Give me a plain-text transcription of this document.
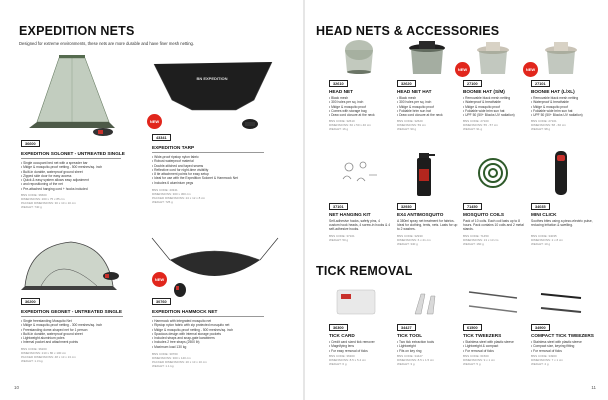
EXPEDITION NETS
Designed for extreme environments, these nets are more durable and have finer mesh netting.
36600
EXPEDITION SOLONET - UNTREATED SINGLE
• Single occupant bed net with a spreader bar
• Midge & mosquito-proof netting - 500 meshes/sq. inch
• Built-in durable, waterproof ground sheet
• Zipped side door for easy access
• Quick & easy system allows easy adjustment
• and repositioning of the net
• Pre-attached hanging cord + hooks included
BNS CODE: 36600
DIMENSIONS: 200 x 75 x 85 cm
PACKED DIMENSIONS: 30 x 10 x 10 cm
WEIGHT: 740 g
BN EXPEDITION
NEW
43341
EXPEDITION TARP
• Wide-proof ripstop nylon fabric
• Robust waterproof material
• Double-stitched and taped seams
• Reflective cord for night-time visibility
• 8 tie attachment points for easy setup
• Ideal for use with the Expedition Solonet & Hammock Net
• Includes 6 aluminium pegs
BNS CODE: 43341
DIMENSIONS: 300 x 300 cm
PACKED DIMENSIONS: 24 x 12 x 8 cm
WEIGHT: 725 g
36200
EXPEDITION GEONET - UNTREATED SINGLE
• Single freestanding Mosquito Net
• Midge & mosquito-proof netting - 300 meshes/sq. inch
• Freestanding dome-shaped net for 1 person
• Built-in durable, waterproof ground sheet
• Lightweight aluminium poles
• Internal pocket and attachment points
BNS CODE: 36200
DIMENSIONS: 210 x 80 x 100 cm
PACKED DIMENSIONS: 48 x 13 x 13 cm
WEIGHT: 1.3 kg
NEW
30760
EXPEDITION HAMMOCK NET
• Hammock with integrated mosquito net
• Ripstop nylon fabric with zip protected mosquito net
• Midge & mosquito-proof netting - 500 meshes/sq. inch
• Spacious design with internal storage pockets
• Included straps and snap-gate karabiners
• Includes 2 tree straps (2500 lb)
• Maximum load 130 kg
BNS CODE: 30760
DIMENSIONS: 300 x 140 cm
PACKED DIMENSIONS: 20 x 13 x 10 cm
WEIGHT: 1.1 kg
10
HEAD NETS & ACCESSORIES
32610
HEAD NET
• Black mesh
• 300 holes per sq. inch
• Midge & mosquito proof
• Comes with storage bag
• Draw cord closure at the neck
BNS CODE: 32610
DIMENSIONS: 60 x 50 x 40 cm
WEIGHT: 16 g
32620
HEAD NET HAT
• Black mesh
• 300 holes per sq. inch
• Midge & mosquito proof
• Foldable brim sun hat
• Draw cord closure at the neck
BNS CODE: 32620
DIMENSIONS: 59 cm
WEIGHT: 90 g
NEW
27100
BOONIE HAT (S/M)
• Removable black mesh netting
• Waterproof & breathable
• Midge & mosquito proof
• Foldable wide brim sun hat
• UPF 50 (50+ Blocks UV radiation)
BNS CODE: 27100
DIMENSIONS: 55 - 57 cm
WEIGHT: 91 g
NEW
27101
BOONIE HAT (L/XL)
• Removable black mesh netting
• Waterproof & breathable
• Midge & mosquito proof
• Foldable wide brim sun hat
• UPF 50 (50+ Blocks UV radiation)
BNS CODE: 27101
DIMENSIONS: 58 - 60 cm
WEIGHT: 98 g
37101
NET HANGING KIT
Self-adhesive hooks, safety pins, 4 custom hook heads, 4 screw-in hooks & 4 self-adhesive hooks.
BNS CODE: 37101
WEIGHT: 50 g
32930
EX4 ANTIMOSQUITO
A 380ml spray net treatment for fabrics. Ideal for clothing, tents, nets. Lasts for up to 2 washes.
BNS CODE: 32930
DIMENSIONS: 6 x 21 cm
WEIGHT: 340 g
71450
MOSQUITO COILS
Pack of 10 coils. Each coil lasts up to 8 hours. Pack contains 10 coils and 2 metal stands.
BNS CODE: 71450
DIMENSIONS: 13 x 13 cm
WEIGHT: 160 g
34035
MINI CLICK
Soothes bites using a piezo-electric pulse, reducing irritation & swelling.
BNS CODE: 34035
DIMENSIONS: 2 x 8 cm
WEIGHT: 10 g
TICK REMOVAL
36300
TICK CARD
• Credit card sized tick remover
• Magnifying lens
• For easy removal of ticks
BNS CODE: 36300
DIMENSIONS: 8.5 x 5.4 cm
WEIGHT: 6 g
34427
TICK TOOL
• Two tick extraction tools
• Lightweight
• Fits on key ring
BNS CODE: 34427
DIMENSIONS: 8.5 x 1.5 cm
WEIGHT: 3 g
61500
TICK TWEEZERS
• Stainless steel with plastic sleeve
• Lightweight & compact
• For removal of ticks
BNS CODE: 61500
DIMENSIONS: 9 x 1 cm
WEIGHT: 5 g
34900
COMPACT TICK TWEEZERS
• Stainless steel with plastic sleeve
• Compact size, keyring fitting
• For removal of ticks
BNS CODE: 34900
DIMENSIONS: 7 x 1 cm
WEIGHT: 4 g
11
